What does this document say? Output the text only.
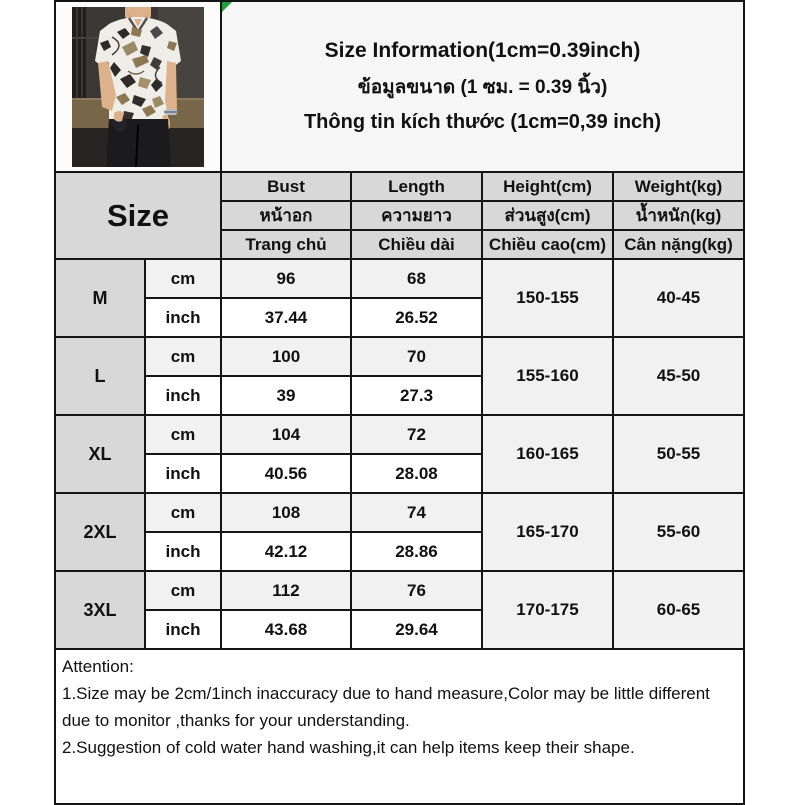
Size Information(1cm=0.39inch)
ข้อมูลขนาด (1 ซม. = 0.39 นิ้ว)
Thông tin kích thước (1cm=0,39 inch)			

Size		Bust	Length	Height(cm)	Weight(kg)
		หน้าอก	ความยาว	ส่วนสูง(cm)	น้ำหนัก(kg)
		Trang chủ	Chiều dài	Chiều cao(cm)	Cân nặng(kg)
M	cm	96	68	150-155	40-45
	inch	37.44	26.52		
L	cm	100	70	155-160	45-50
	inch	39	27.3		
XL	cm	104	72	160-165	50-55
	inch	40.56	28.08		
2XL	cm	108	74	165-170	55-60
	inch	42.12	28.86		
3XL	cm	112	76	170-175	60-65
	inch	43.68	29.64		

Attention:
1.Size may be 2cm/1inch inaccuracy due to hand measure,Color may be little different
due to monitor ,thanks for your understanding.
2.Suggestion of cold water hand washing,it can help items keep their shape.					
